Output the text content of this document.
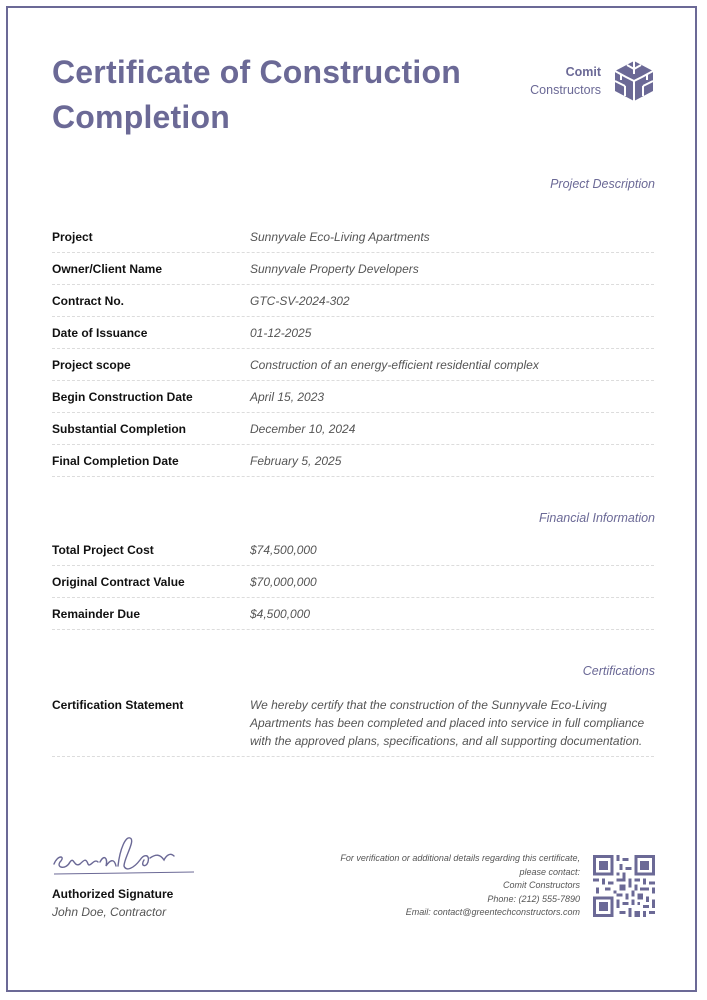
Certificate of Construction Completion
Comit
Constructors
Project Description
Project	Sunnyvale Eco-Living Apartments
Owner/Client Name	Sunnyvale Property Developers
Contract No.	GTC-SV-2024-302
Date of Issuance	01-12-2025
Project scope	Construction of an energy-efficient residential complex
Begin Construction Date	April 15, 2023
Substantial Completion	December 10, 2024
Final Completion Date	February 5, 2025
Financial Information
Total Project Cost	$74,500,000
Original Contract Value	$70,000,000
Remainder Due	$4,500,000
Certifications
Certification Statement	We hereby certify that the construction of the Sunnyvale Eco-Living Apartments has been completed and placed into service in full compliance with the approved plans, specifications, and all supporting documentation.
Authorized Signature
John Doe, Contractor
For verification or additional details regarding this certificate,
please contact:
Comit Constructors
Phone: (212) 555-7890
Email: contact@greentechconstructors.com
